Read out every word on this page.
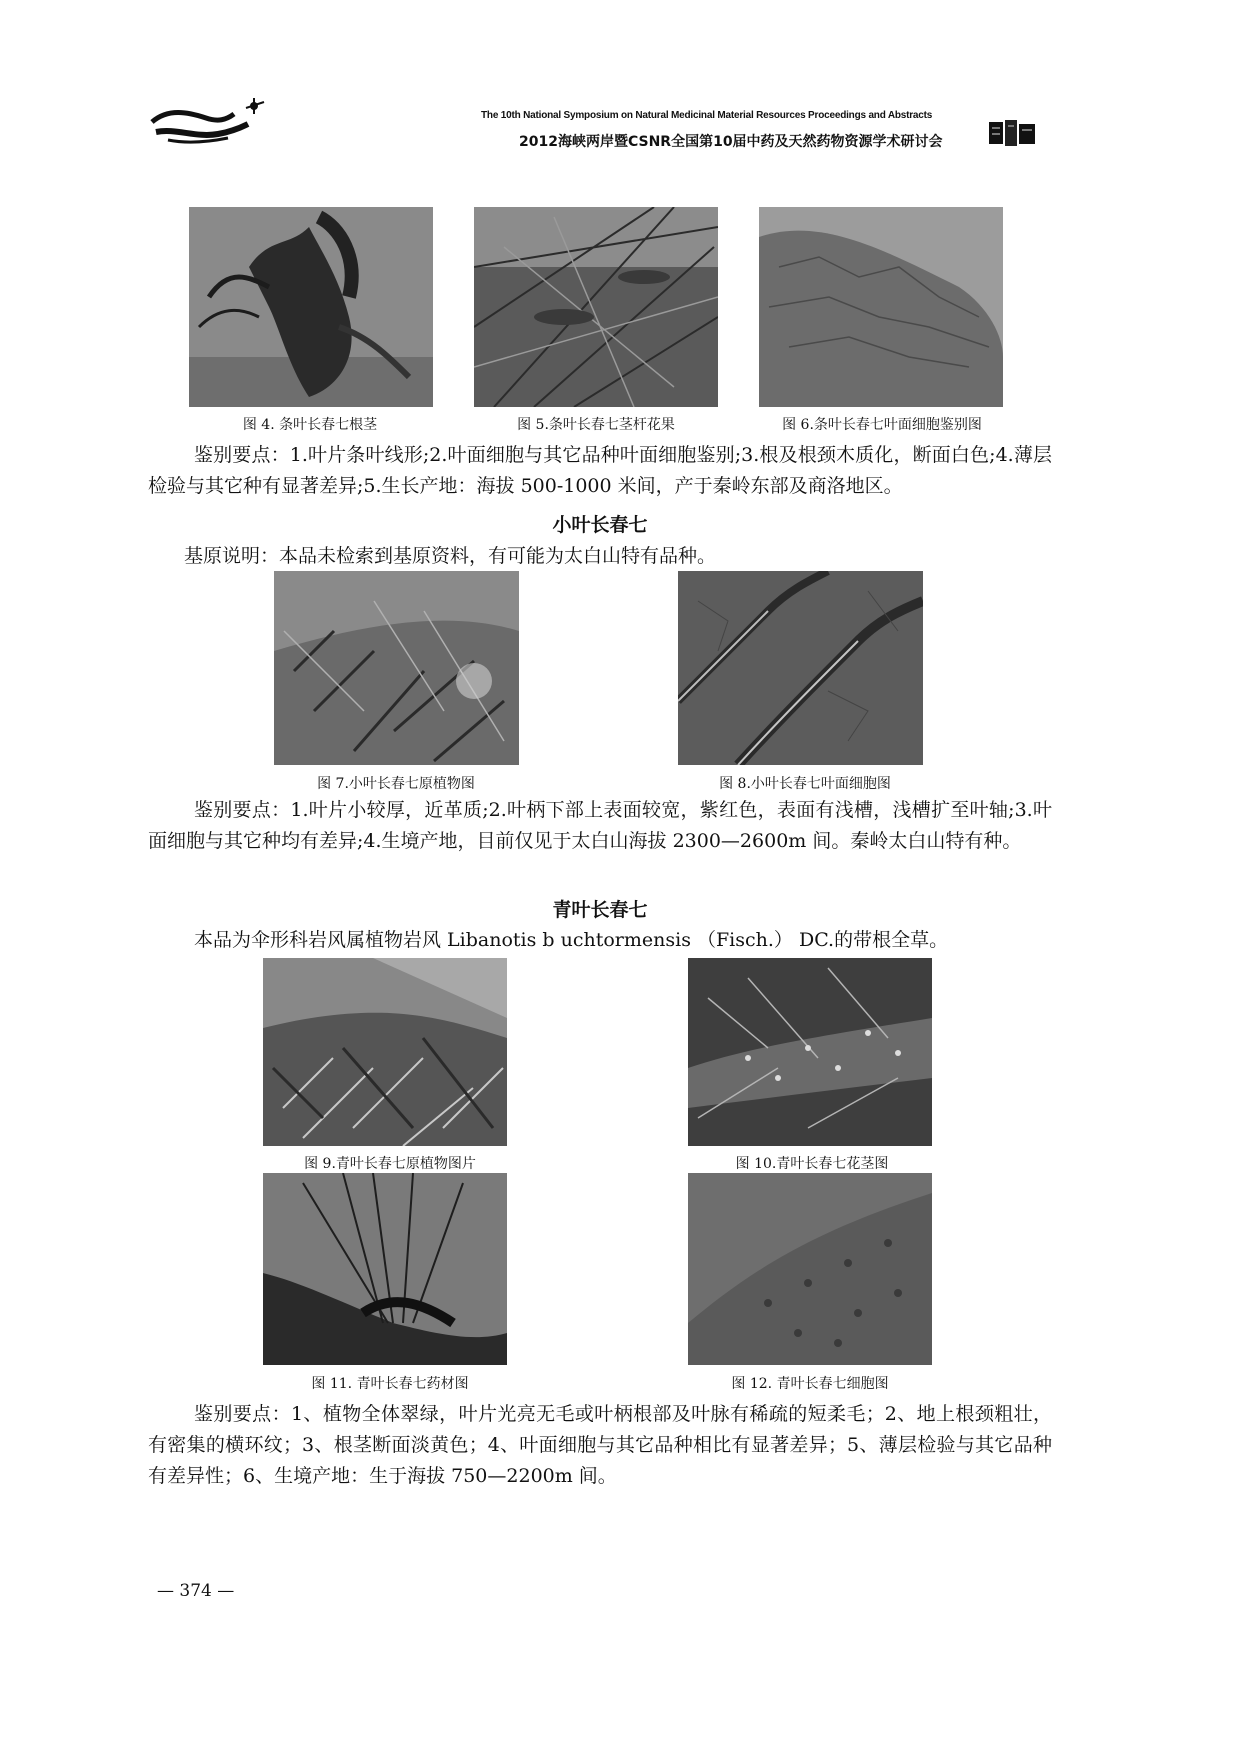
The 10th National Symposium on Natural Medicinal Material Resources Proceedings and Abstracts
2012海峡两岸暨CSNR全国第10届中药及天然药物资源学术研讨会
图 4. 条叶长春七根茎	图 5.条叶长春七茎杆花果	图 6.条叶长春七叶面细胞鉴别图
鉴别要点：1.叶片条叶线形;2.叶面细胞与其它品种叶面细胞鉴别;3.根及根颈木质化，断面白色;4.薄层检验与其它种有显著差异;5.生长产地：海拔 500-1000 米间，产于秦岭东部及商洛地区。
小叶长春七
基原说明：本品未检索到基原资料，有可能为太白山特有品种。
图 7.小叶长春七原植物图	图 8.小叶长春七叶面细胞图
鉴别要点：1.叶片小较厚，近革质;2.叶柄下部上表面较宽，紫红色，表面有浅槽，浅槽扩至叶轴;3.叶面细胞与其它种均有差异;4.生境产地，目前仅见于太白山海拔 2300—2600m 间。秦岭太白山特有种。
青叶长春七
本品为伞形科岩风属植物岩风 Libanotis b uchtormensis （Fisch.） DC.的带根全草。
图 9.青叶长春七原植物图片	图 10.青叶长春七花茎图
图 11. 青叶长春七药材图	图 12. 青叶长春七细胞图
鉴别要点：1、植物全体翠绿，叶片光亮无毛或叶柄根部及叶脉有稀疏的短柔毛；2、地上根颈粗壮，有密集的横环纹；3、根茎断面淡黄色；4、叶面细胞与其它品种相比有显著差异；5、薄层检验与其它品种有差异性；6、生境产地：生于海拔 750—2200m 间。
— 374 —
